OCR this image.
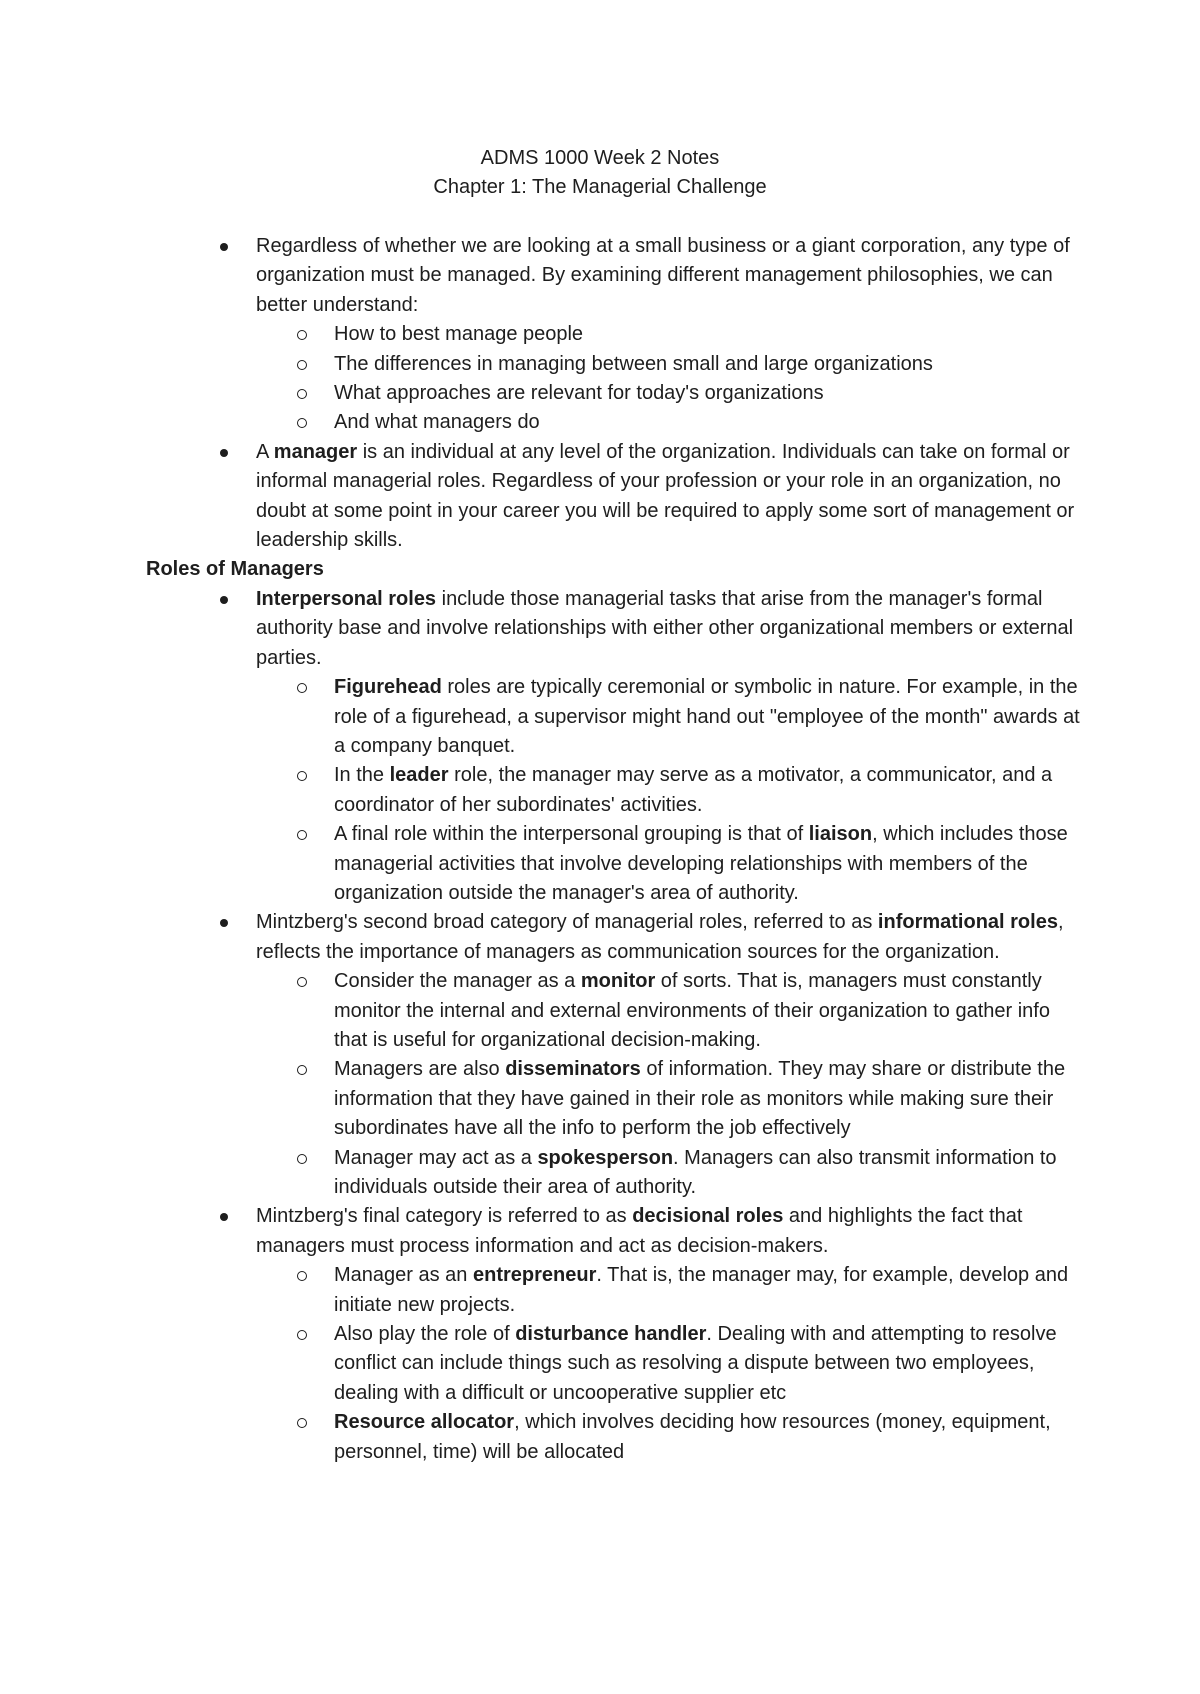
ADMS 1000 Week 2 Notes
Chapter 1: The Managerial Challenge
Regardless of whether we are looking at a small business or a giant corporation, any type of organization must be managed. By examining different management philosophies, we can better understand:
How to best manage people
The differences in managing between small and large organizations
What approaches are relevant for today's organizations
And what managers do
A manager is an individual at any level of the organization. Individuals can take on formal or informal managerial roles. Regardless of your profession or your role in an organization, no doubt at some point in your career you will be required to apply some sort of management or leadership skills.

Roles of Managers

Interpersonal roles include those managerial tasks that arise from the manager's formal authority base and involve relationships with either other organizational members or external parties.
Figurehead roles are typically ceremonial or symbolic in nature. For example, in the role of a figurehead, a supervisor might hand out "employee of the month" awards at a company banquet.
In the leader role, the manager may serve as a motivator, a communicator, and a coordinator of her subordinates' activities.
A final role within the interpersonal grouping is that of liaison, which includes those managerial activities that involve developing relationships with members of the organization outside the manager's area of authority.
Mintzberg's second broad category of managerial roles, referred to as informational roles, reflects the importance of managers as communication sources for the organization.
Consider the manager as a monitor of sorts. That is, managers must constantly monitor the internal and external environments of their organization to gather info that is useful for organizational decision-making.
Managers are also disseminators of information. They may share or distribute the information that they have gained in their role as monitors while making sure their subordinates have all the info to perform the job effectively
Manager may act as a spokesperson. Managers can also transmit information to individuals outside their area of authority.
Mintzberg's final category is referred to as decisional roles and highlights the fact that managers must process information and act as decision-makers.
Manager as an entrepreneur. That is, the manager may, for example, develop and initiate new projects.
Also play the role of disturbance handler. Dealing with and attempting to resolve conflict can include things such as resolving a dispute between two employees, dealing with a difficult or uncooperative supplier etc
Resource allocator, which involves deciding how resources (money, equipment, personnel, time) will be allocated
